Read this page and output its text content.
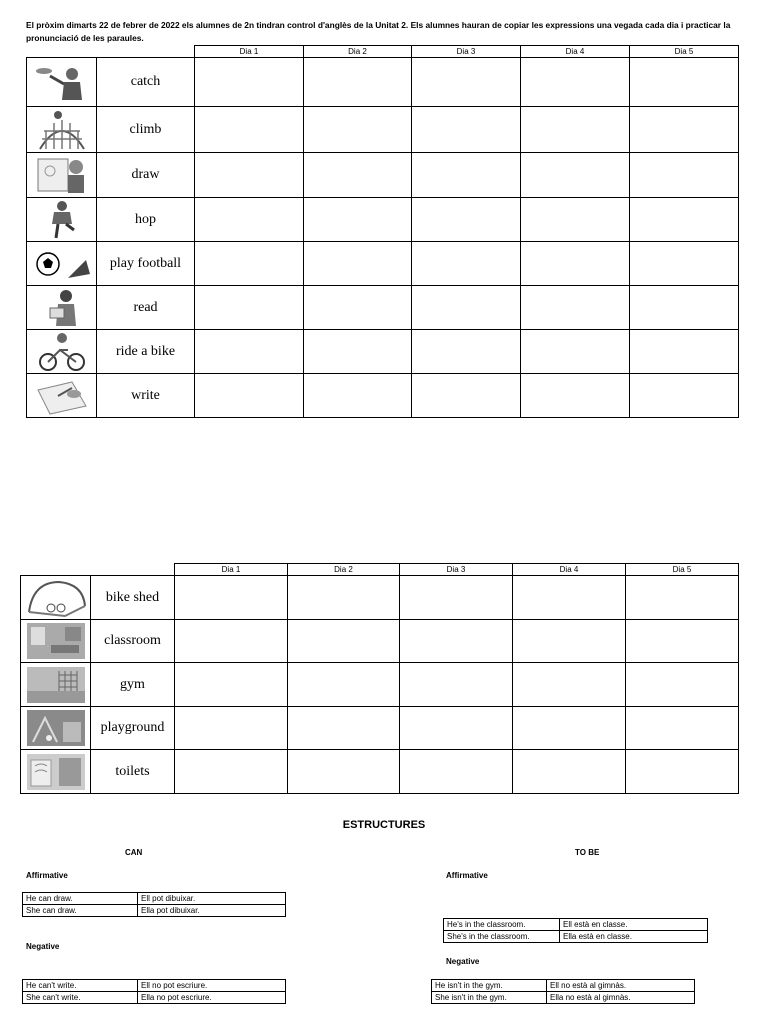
El pròxim dimarts 22 de febrer de 2022 els alumnes de 2n tindran control d'anglès de la Unitat 2. Els alumnes hauran de copiar les expressions una vegada cada dia i practicar la pronunciació de les paraules.
		Dia 1	Dia 2	Dia 3	Dia 4	Dia 5

	catch					

	climb					

	draw					

	hop					

	play football					

	read					

	ride a bike					

	write					
		Dia 1	Dia 2	Dia 3	Dia 4	Dia 5

	bike shed					

	classroom					

	gym					

	playground					

	toilets					
ESTRUCTURES
CAN	TO BE
Affirmative	Affirmative
He can draw.	Ell pot dibuixar.
She can draw.	Ella pot dibuixar.
He's in the classroom.	Ell està en classe.
She's in the classroom.	Ella està en classe.
Negative
Negative
He can't write.	Ell no pot escriure.
She can't write.	Ella no pot escriure.
He isn't in the gym.	Ell no està al gimnàs.
She isn't in the gym.	Ella no està al gimnàs.
